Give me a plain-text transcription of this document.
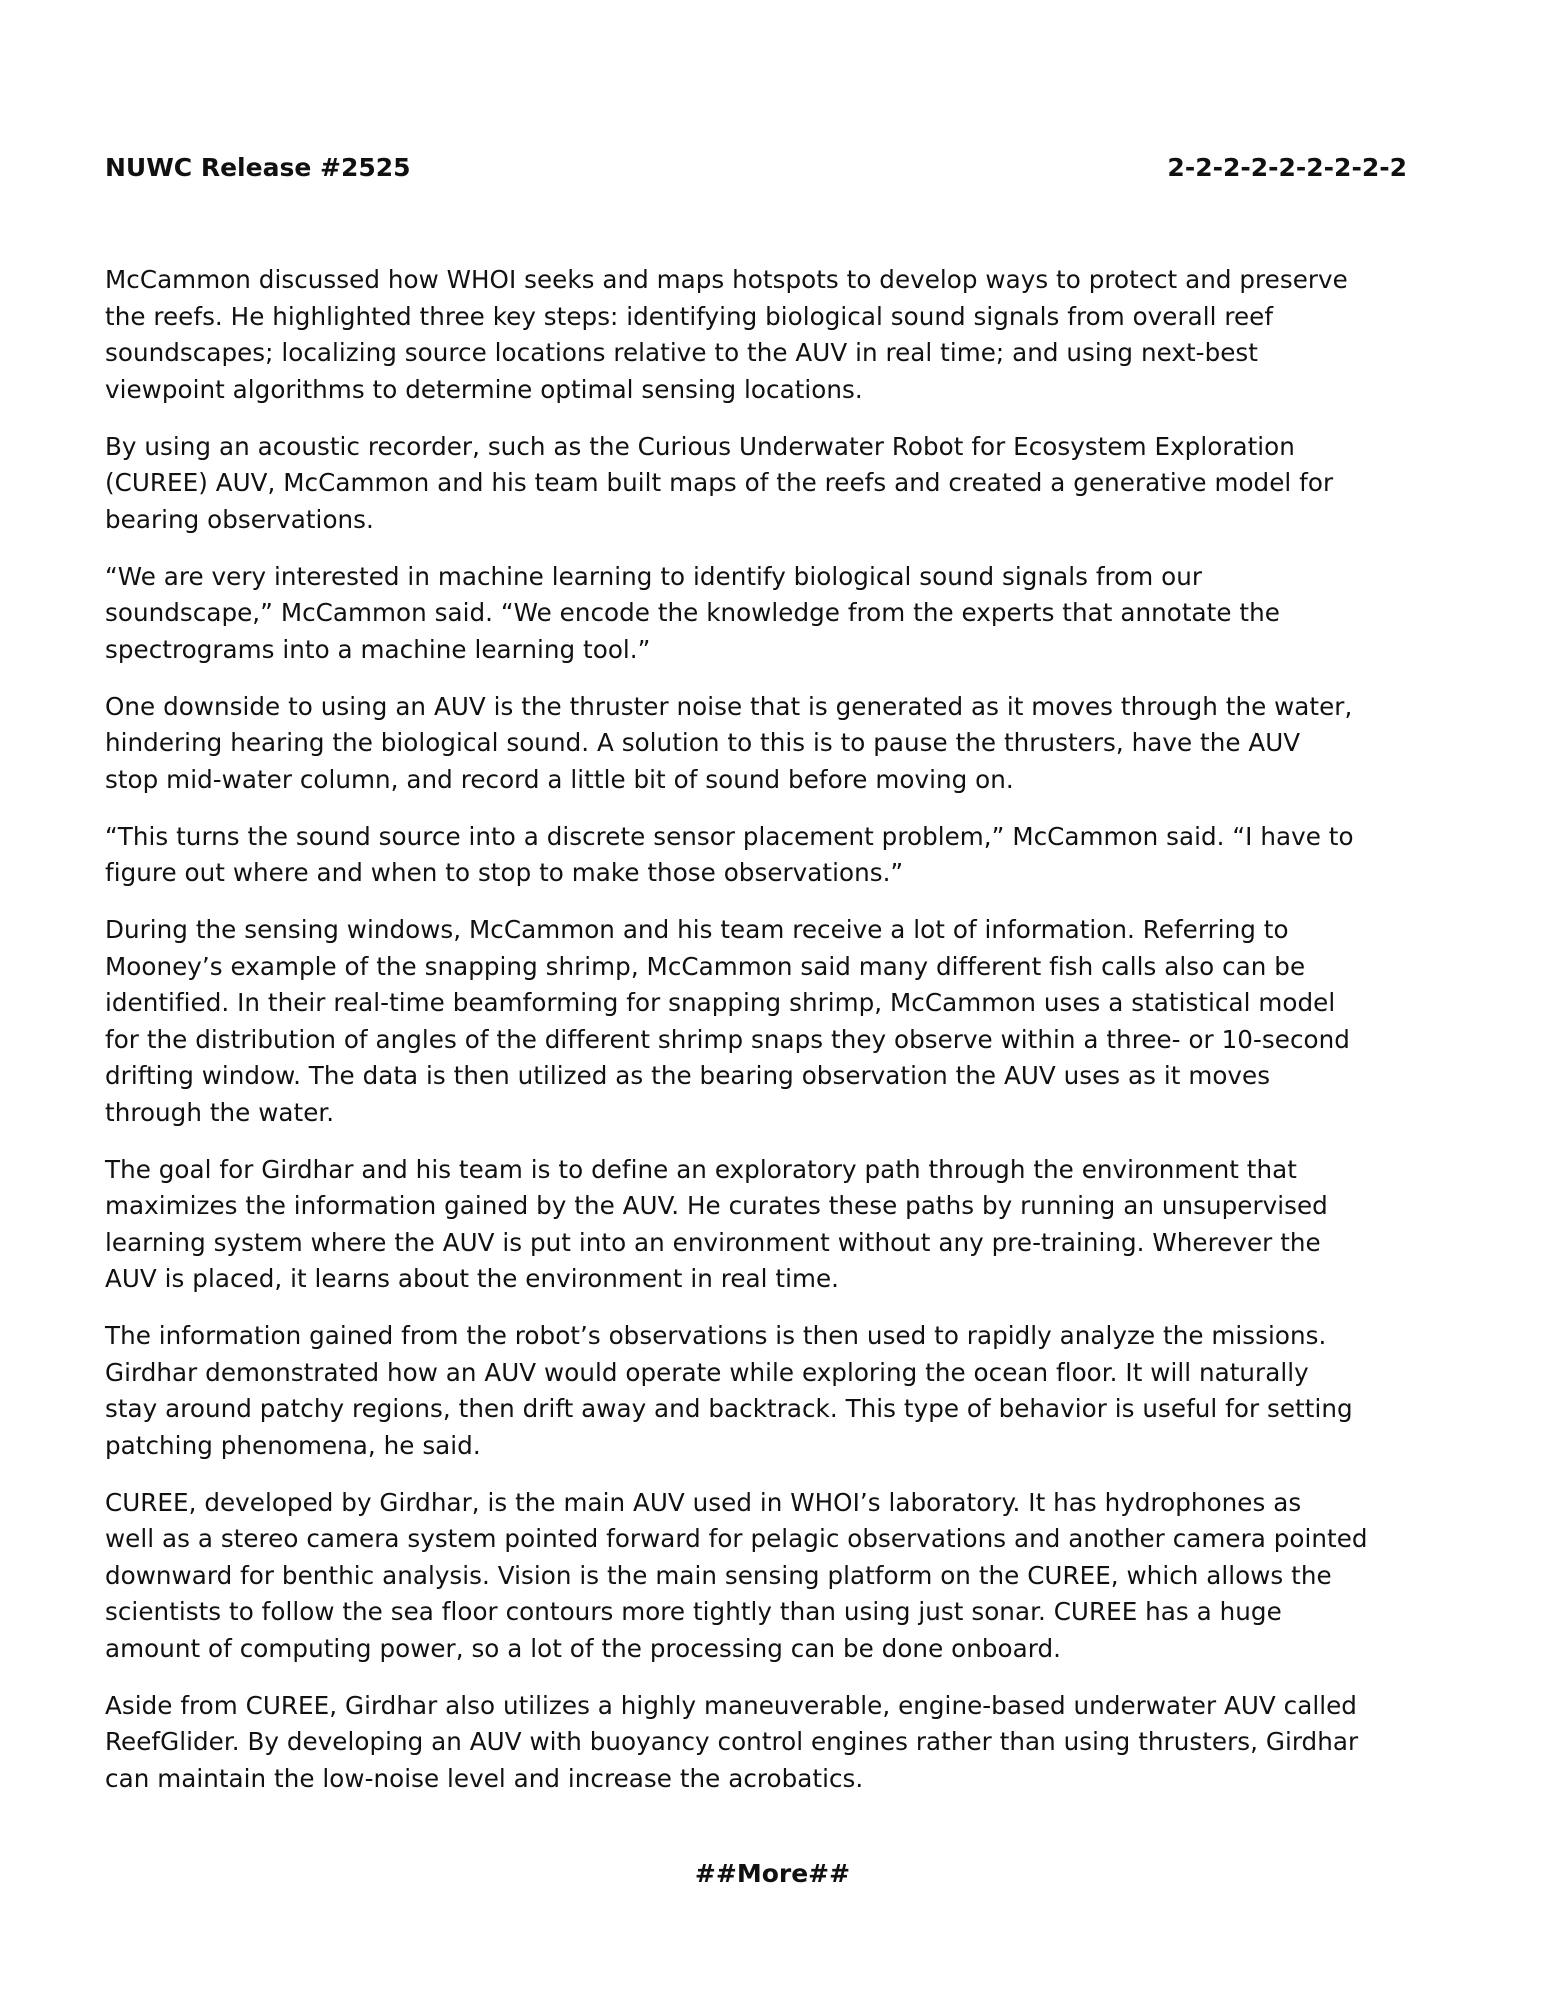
NUWC Release #2525	2-2-2-2-2-2-2-2-2

McCammon discussed how WHOI seeks and maps hotspots to develop ways to protect and preserve
the reefs. He highlighted three key steps: identifying biological sound signals from overall reef
soundscapes; localizing source locations relative to the AUV in real time; and using next-best
viewpoint algorithms to determine optimal sensing locations.

By using an acoustic recorder, such as the Curious Underwater Robot for Ecosystem Exploration
(CUREE) AUV, McCammon and his team built maps of the reefs and created a generative model for
bearing observations.

“We are very interested in machine learning to identify biological sound signals from our
soundscape,” McCammon said. “We encode the knowledge from the experts that annotate the
spectrograms into a machine learning tool.”

One downside to using an AUV is the thruster noise that is generated as it moves through the water,
hindering hearing the biological sound. A solution to this is to pause the thrusters, have the AUV
stop mid-water column, and record a little bit of sound before moving on.

“This turns the sound source into a discrete sensor placement problem,” McCammon said. “I have to
figure out where and when to stop to make those observations.”

During the sensing windows, McCammon and his team receive a lot of information. Referring to
Mooney’s example of the snapping shrimp, McCammon said many different fish calls also can be
identified. In their real-time beamforming for snapping shrimp, McCammon uses a statistical model
for the distribution of angles of the different shrimp snaps they observe within a three- or 10-second
drifting window. The data is then utilized as the bearing observation the AUV uses as it moves
through the water.

The goal for Girdhar and his team is to define an exploratory path through the environment that
maximizes the information gained by the AUV. He curates these paths by running an unsupervised
learning system where the AUV is put into an environment without any pre-training. Wherever the
AUV is placed, it learns about the environment in real time.

The information gained from the robot’s observations is then used to rapidly analyze the missions.
Girdhar demonstrated how an AUV would operate while exploring the ocean floor. It will naturally
stay around patchy regions, then drift away and backtrack. This type of behavior is useful for setting
patching phenomena, he said.

CUREE, developed by Girdhar, is the main AUV used in WHOI’s laboratory. It has hydrophones as
well as a stereo camera system pointed forward for pelagic observations and another camera pointed
downward for benthic analysis. Vision is the main sensing platform on the CUREE, which allows the
scientists to follow the sea floor contours more tightly than using just sonar. CUREE has a huge
amount of computing power, so a lot of the processing can be done onboard.

Aside from CUREE, Girdhar also utilizes a highly maneuverable, engine-based underwater AUV called
ReefGlider. By developing an AUV with buoyancy control engines rather than using thrusters, Girdhar
can maintain the low-noise level and increase the acrobatics.

##More##
